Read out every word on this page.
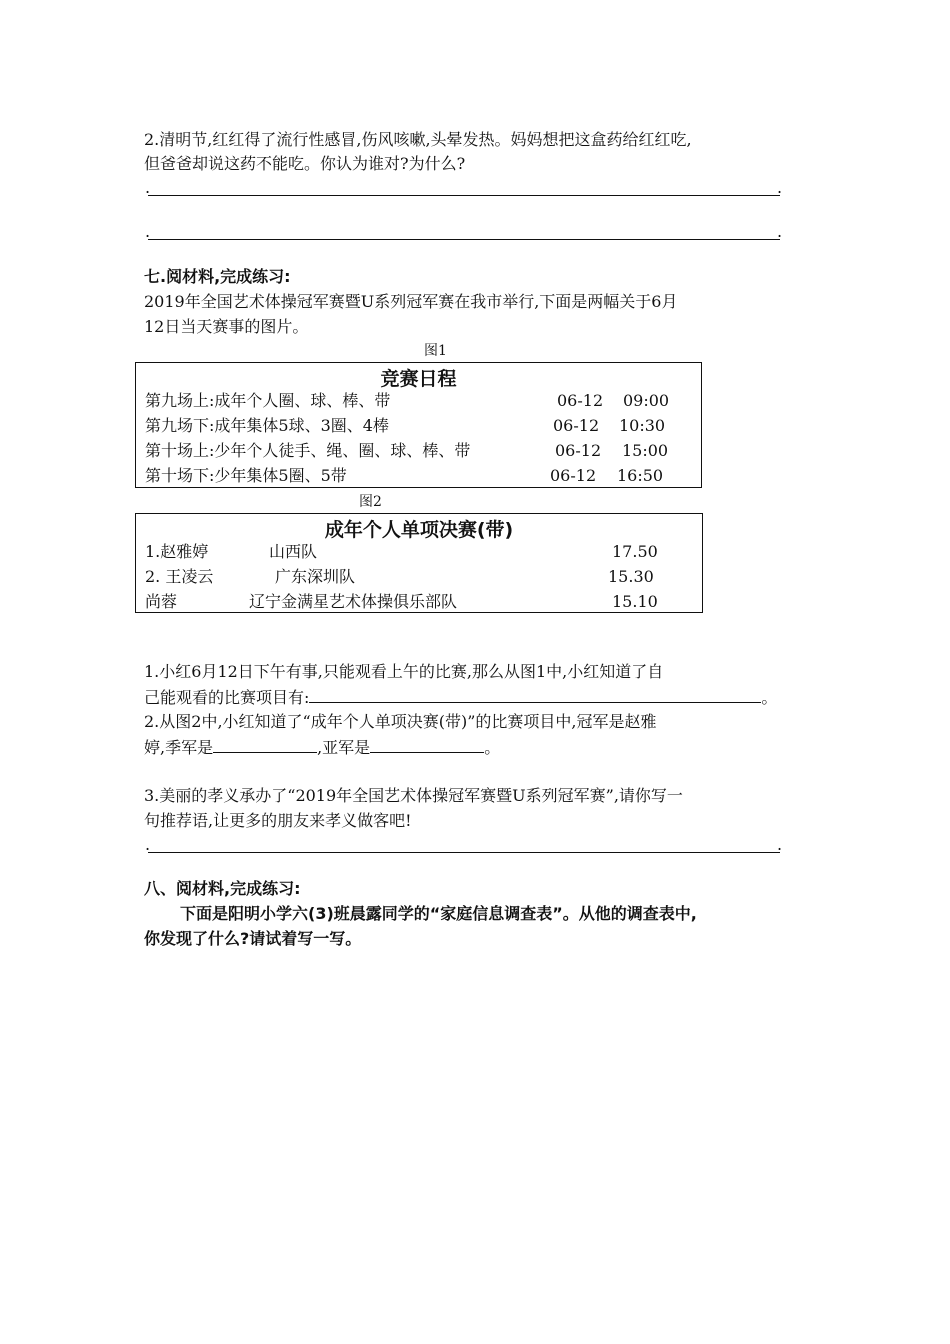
2.清明节,红红得了流行性感冒,伤风咳嗽,头晕发热。妈妈想把这盒药给红红吃,
但爸爸却说这药不能吃。你认为谁对?为什么?
.	.
.	.
七.阅材料,完成练习:
2019年全国艺术体操冠军赛暨U系列冠军赛在我市举行,下面是两幅关于6月
12日当天赛事的图片。
图1
竞赛日程
第九场上:成年个人圈、球、棒、带	06-12 09:00
第九场下:成年集体5球、3圈、4棒	06-12 10:30
第十场上:少年个人徒手、绳、圈、球、棒、带	06-12 15:00
第十场下:少年集体5圈、5带	06-12 16:50
图2
成年个人单项决赛(带)
1.赵雅婷	山西队	17.50
2. 王凌云	广东深圳队	15.30
尚蓉	辽宁金满星艺术体操俱乐部队	15.10
1.小红6月12日下午有事,只能观看上午的比赛,那么从图1中,小红知道了自
己能观看的比赛项目有:	。
2.从图2中,小红知道了“成年个人单项决赛(带)”的比赛项目中,冠军是赵雅
婷,季军是	,亚军是	。
3.美丽的孝义承办了“2019年全国艺术体操冠军赛暨U系列冠军赛”,请你写一
句推荐语,让更多的朋友来孝义做客吧!
.	.
八、阅材料,完成练习:
下面是阳明小学六(3)班晨露同学的“家庭信息调查表”。从他的调查表中,
你发现了什么?请试着写一写。
